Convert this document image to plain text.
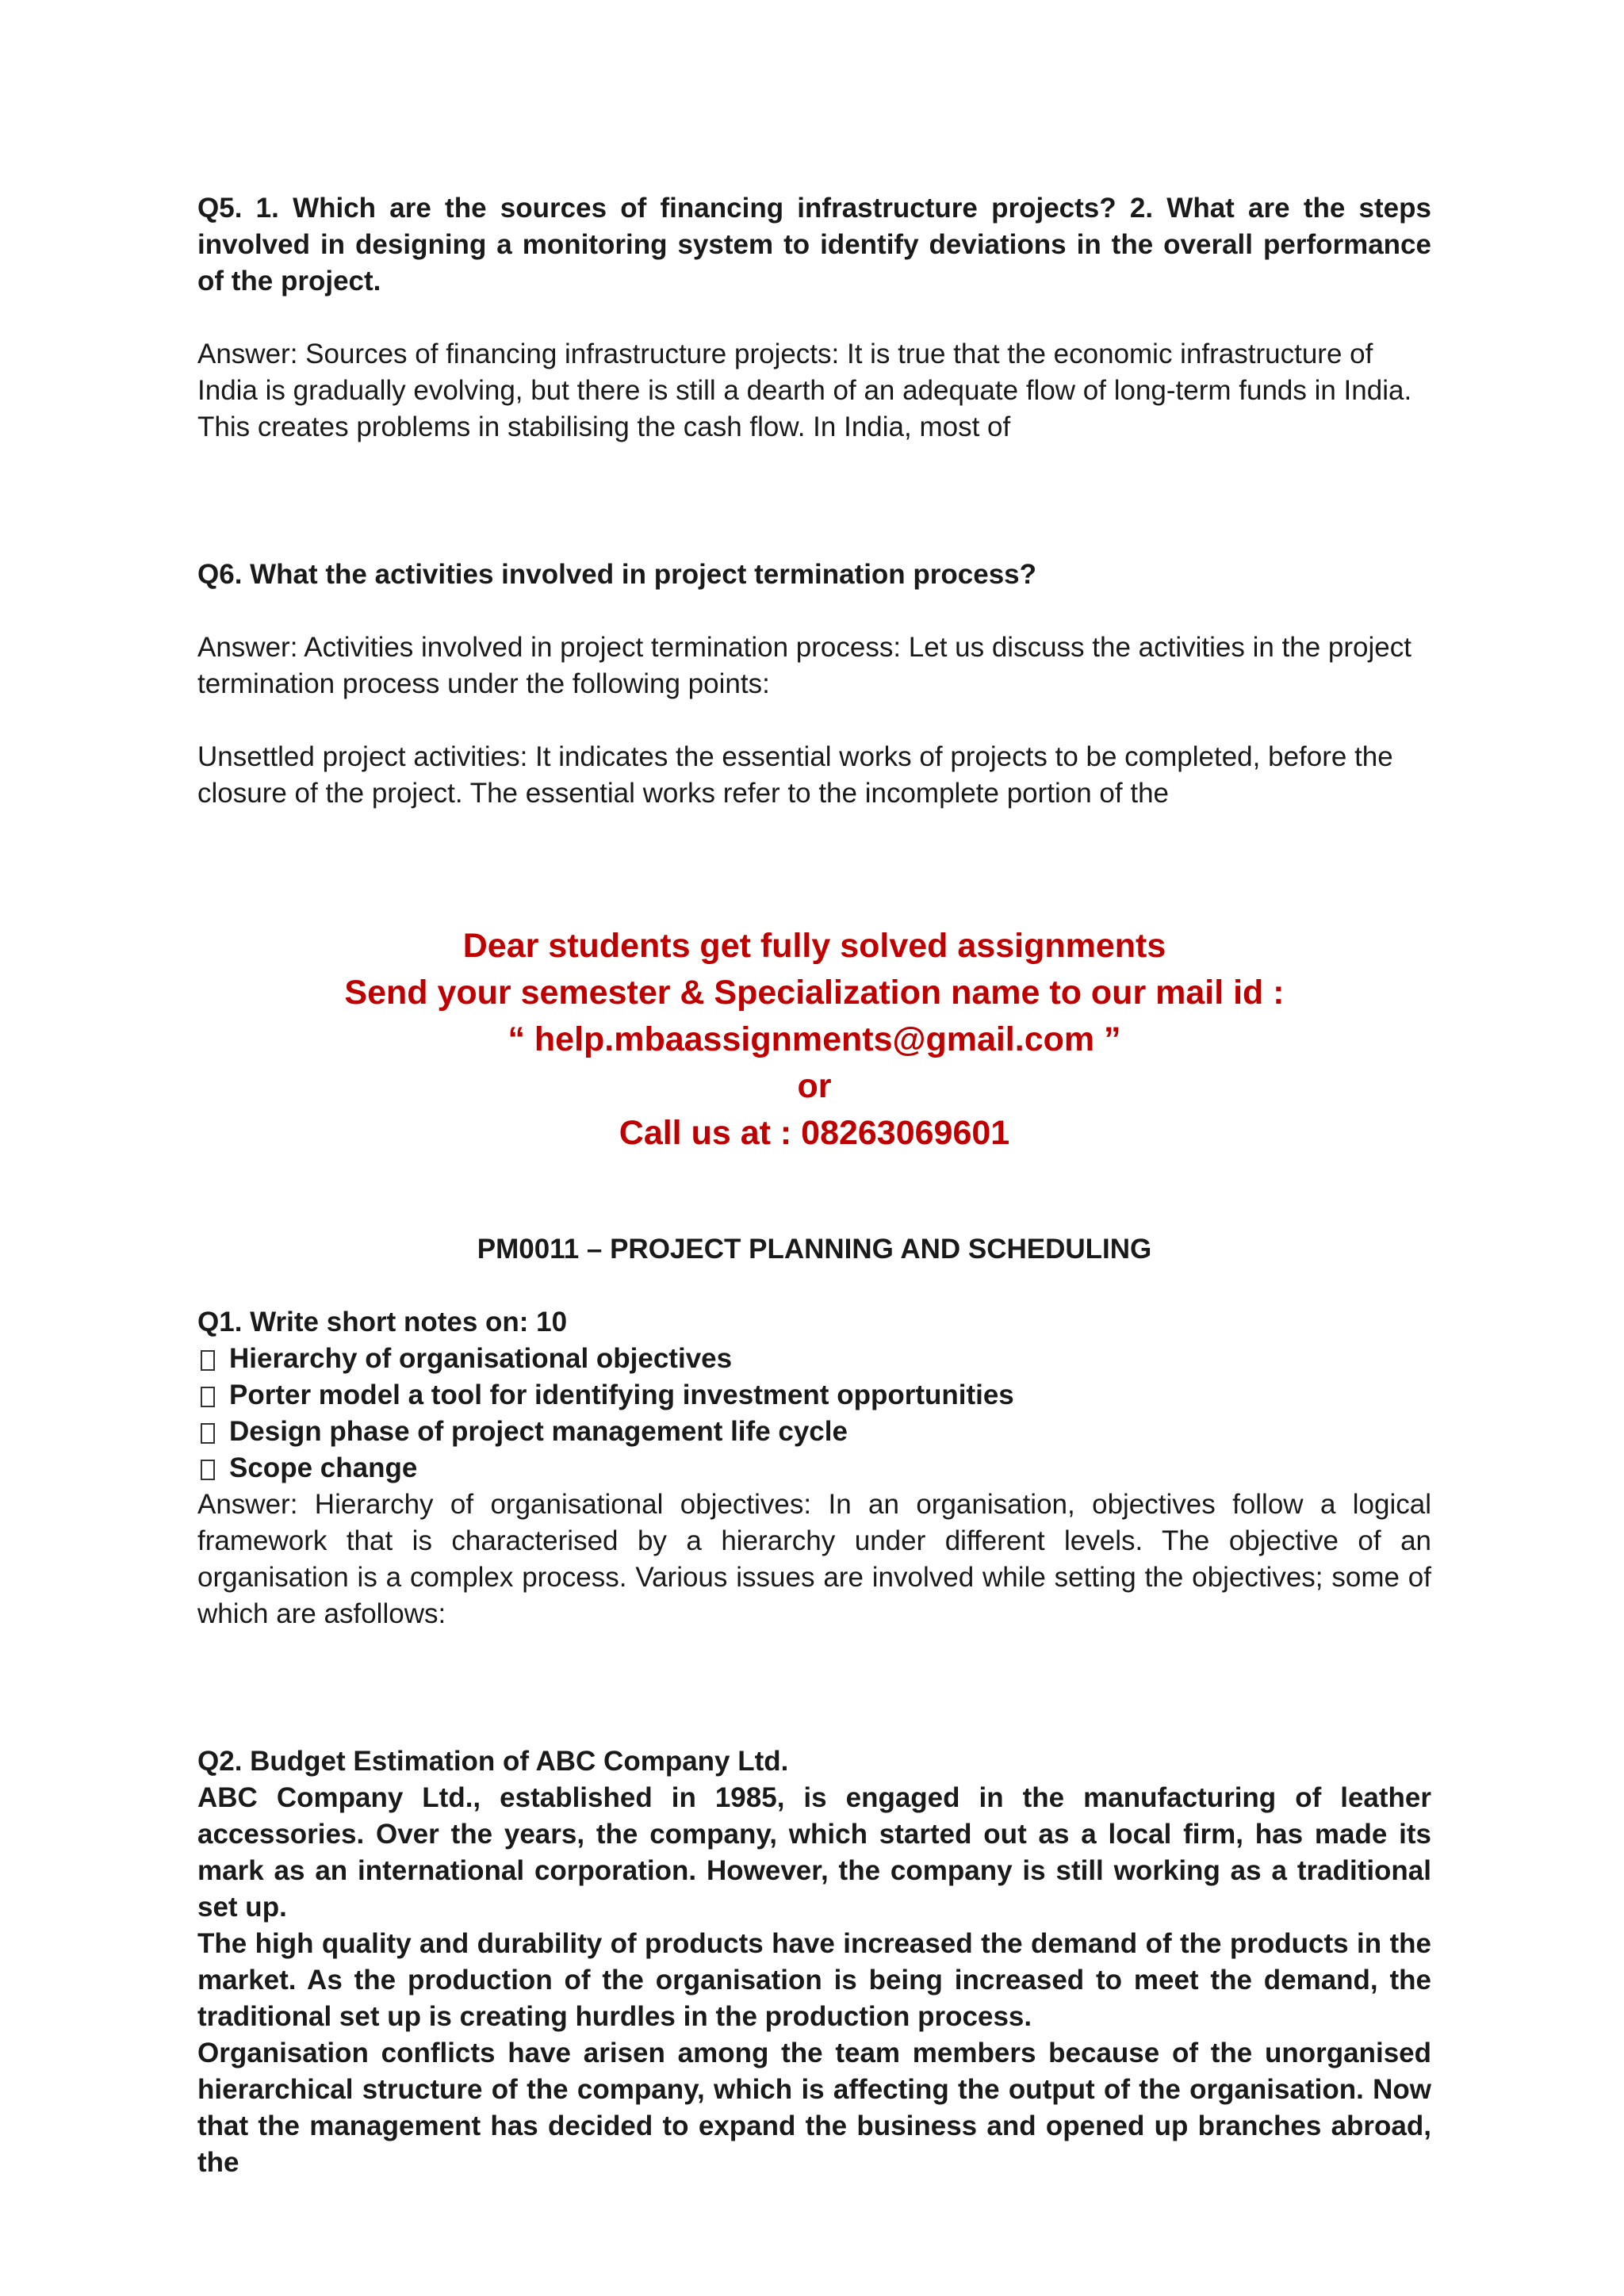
Q5. 1. Which are the sources of financing infrastructure projects? 2. What are the steps involved in designing a monitoring system to identify deviations in the overall performance of the project.

Answer: Sources of financing infrastructure projects: It is true that the economic infrastructure of India is gradually evolving, but there is still a dearth of an adequate flow of long-term funds in India. This creates problems in stabilising the cash flow. In India, most of

Q6. What the activities involved in project termination process?

Answer: Activities involved in project termination process: Let us discuss the activities in the project termination process under the following points:

Unsettled project activities: It indicates the essential works of projects to be completed, before the closure of the project. The essential works refer to the incomplete portion of the

Dear students get fully solved assignments

Send your semester & Specialization name to our mail id :

“ help.mbaassignments@gmail.com ”

or

Call us at : 08263069601

PM0011 – PROJECT PLANNING AND SCHEDULING

Q1. Write short notes on: 10

Hierarchy of organisational objectives

Porter model a tool for identifying investment opportunities

Design phase of project management life cycle

Scope change

Answer: Hierarchy of organisational objectives: In an organisation, objectives follow a logical framework that is characterised by a hierarchy under different levels. The objective of an organisation is a complex process. Various issues are involved while setting the objectives; some of which are asfollows:

Q2. Budget Estimation of ABC Company Ltd.

ABC Company Ltd., established in 1985, is engaged in the manufacturing of leather accessories. Over the years, the company, which started out as a local firm, has made its mark as an international corporation. However, the company is still working as a traditional set up.

The high quality and durability of products have increased the demand of the products in the market. As the production of the organisation is being increased to meet the demand, the traditional set up is creating hurdles in the production process.

Organisation conflicts have arisen among the team members because of the unorganised hierarchical structure of the company, which is affecting the output of the organisation. Now that the management has decided to expand the business and opened up branches abroad, the
